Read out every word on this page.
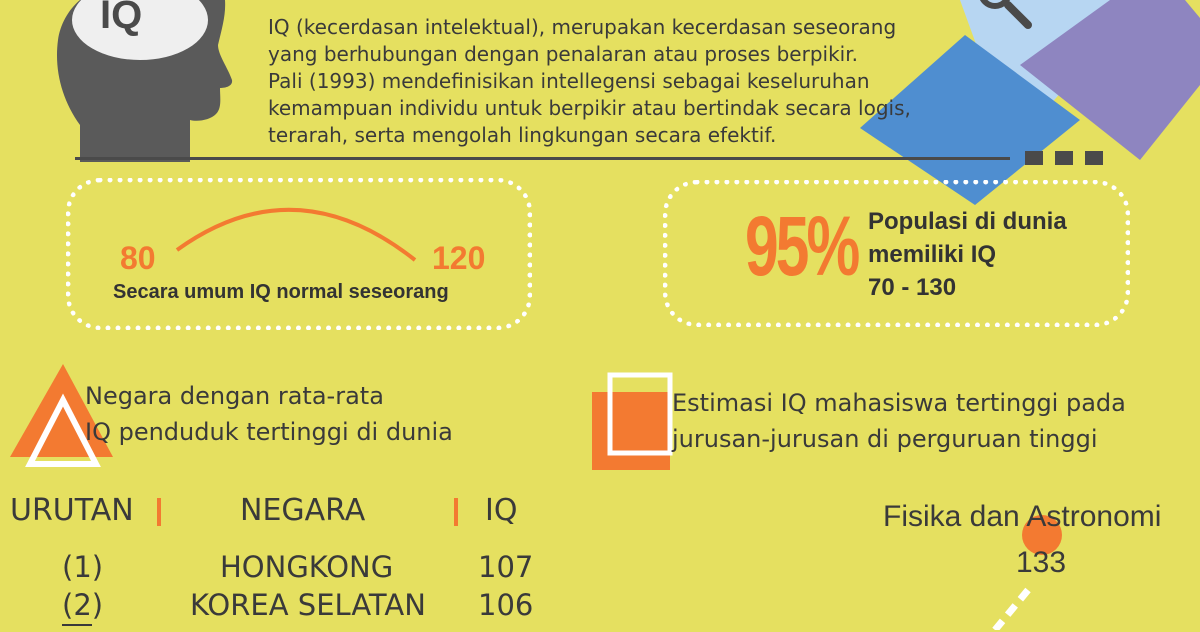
IQ	IQ (kecerdasan intelektual), merupakan kecerdasan seseorang
yang berhubungan dengan penalaran atau proses berpikir.
Pali (1993) mendefinisikan intellegensi sebagai keseluruhan
kemampuan individu untuk berpikir atau bertindak secara logis,
terarah, serta mengolah lingkungan secara efektif.
80	120
Secara umum IQ normal seseorang	95% Populasi di dunia
memiliki IQ
70 - 130
Negara dengan rata-rata
IQ penduduk tertinggi di dunia
URUTAN	NEGARA	IQ
(1)	HONGKONG	107
(2)	KOREA SELATAN 106
Estimasi IQ mahasiswa tertinggi pada
jurusan-jurusan di perguruan tinggi
Fisika dan Astronomi
133
